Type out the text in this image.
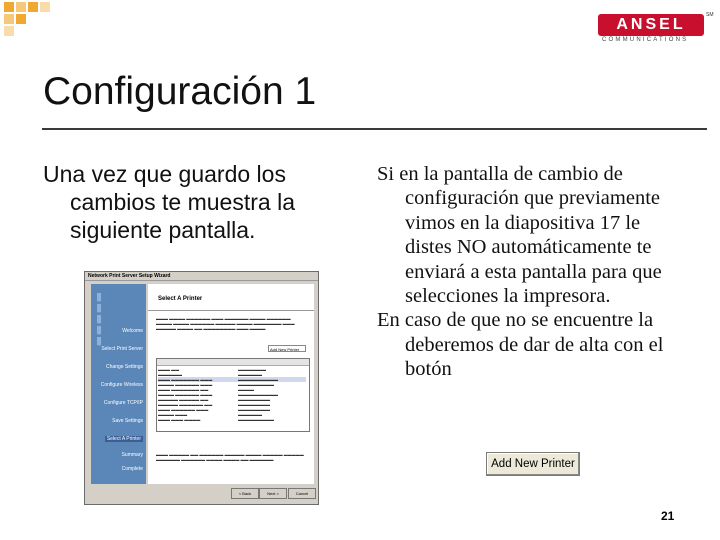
ANSEL
COMMUNICATIONS
SM
Configuración 1
Una vez que guardo los cambios te muestra la siguiente pantalla.

Si en la pantalla de cambio de configuración que previamente vimos en la diapositiva 17 le distes NO automáticamente te enviará a esta pantalla para que selecciones la impresora.

En caso de que no se encuentre la deberemos de dar de alta con el botón

Add New Printer
21
Network Print Server Setup Wizard
▮▮▮▮▮
Welcome
Select Print Server
Change Settings
Configure Wireless
Configure TCP/IP
Save Settings
Select A Printer
Summary
Complete
Select A Printer
▬▬▬ ▬▬▬▬ ▬▬▬▬▬▬ ▬▬▬ ▬▬▬▬▬▬ ▬▬▬▬ ▬▬▬▬▬▬ ▬▬▬▬ ▬▬▬▬ ▬▬▬▬▬▬ ▬▬▬▬▬ ▬▬▬▬ ▬▬▬▬▬▬▬ ▬▬▬ ▬▬▬▬▬ ▬▬▬▬ ▬▬ ▬▬▬▬▬▬▬▬ ▬▬▬ ▬▬▬▬
Add New Printer
▬▬▬ ▬▬	▬▬▬▬▬▬▬
▬▬▬▬▬▬	▬▬▬▬▬▬
▬▬▬ ▬▬▬▬▬▬▬ ▬▬▬	▬▬▬▬▬▬▬▬▬▬
▬▬▬▬ ▬▬▬▬▬▬ ▬▬▬	▬▬▬▬▬▬▬▬▬
▬▬▬ ▬▬▬▬▬▬▬ ▬▬	▬▬▬▬
▬▬▬▬ ▬▬▬▬▬▬ ▬▬▬	▬▬▬▬▬▬▬▬▬▬
▬▬▬▬▬ ▬▬▬▬▬ ▬▬	▬▬▬▬▬▬▬▬
▬▬▬▬▬ ▬▬▬▬▬▬ ▬▬	▬▬▬▬▬▬▬▬
▬▬▬ ▬▬▬▬▬▬ ▬▬▬	▬▬▬▬▬▬▬▬
▬▬▬▬ ▬▬▬	▬▬▬▬▬▬
▬▬▬ ▬▬▬ ▬▬▬▬	▬▬▬▬▬▬▬▬▬
▬▬▬ ▬▬▬▬▬ ▬▬ ▬▬▬▬▬▬ ▬▬▬▬▬ ▬▬▬▬ ▬▬▬▬▬ ▬▬▬▬▬ ▬▬▬▬▬▬ ▬▬▬▬▬▬ ▬▬▬▬ ▬▬▬▬ ▬▬ ▬▬▬▬▬▬
< Back	Next >	Cancel
